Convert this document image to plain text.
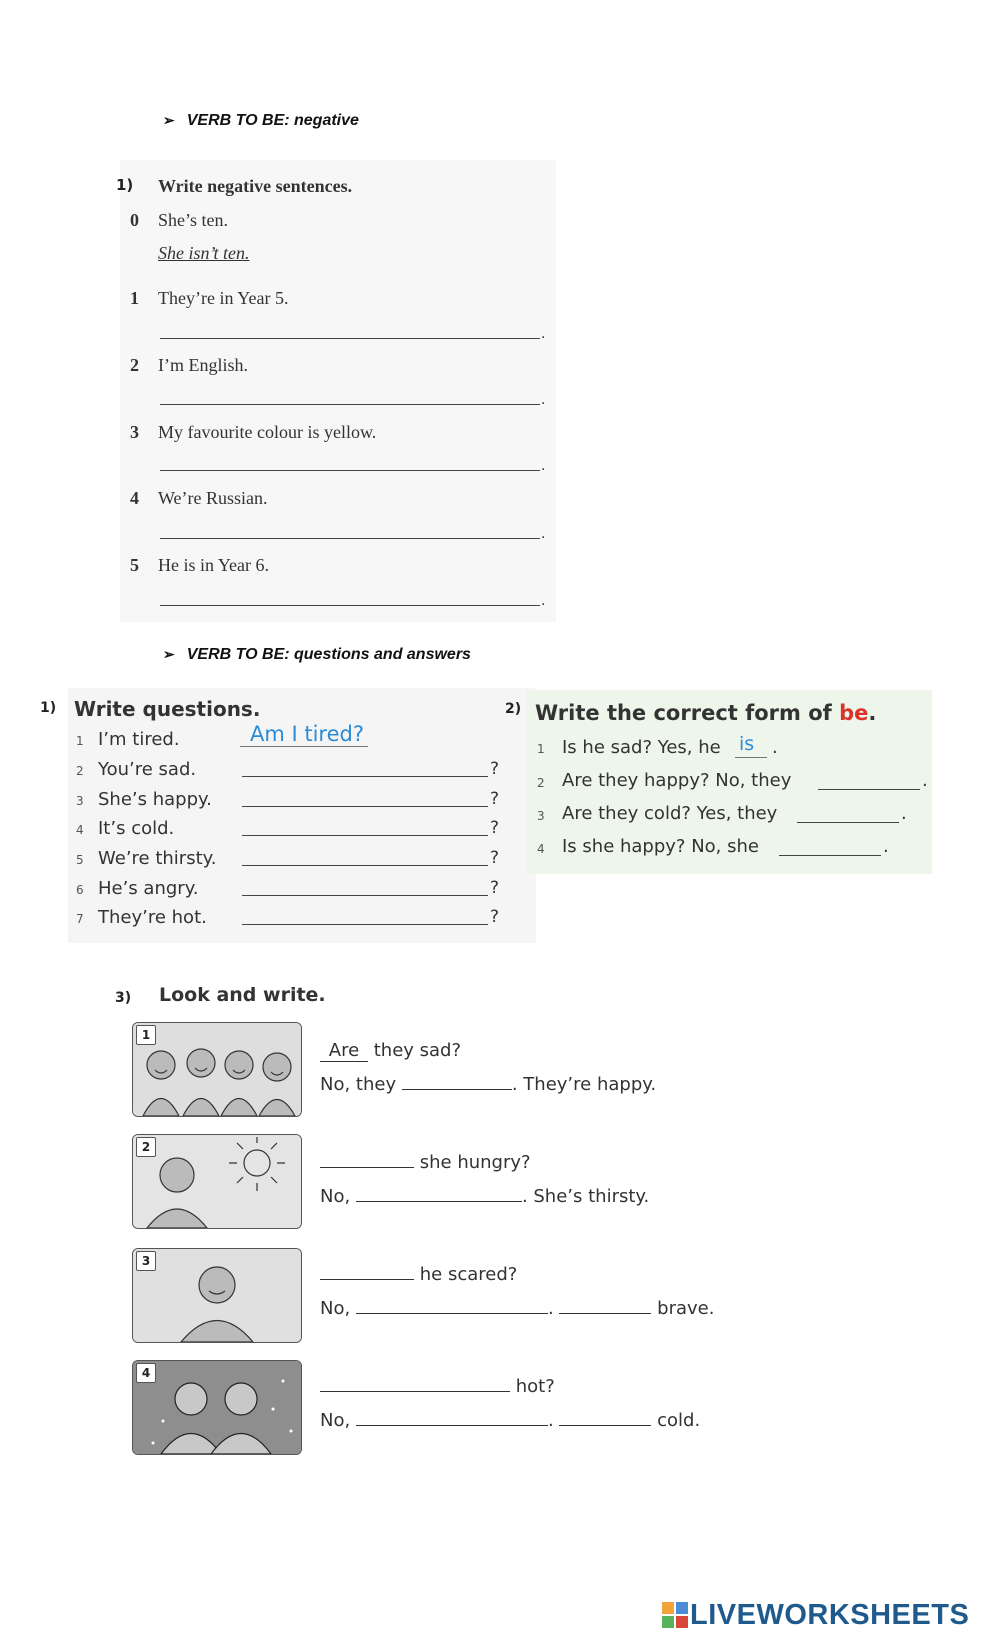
➢ VERB TO BE: negative
1) Write negative sentences.
0 She’s ten.
She isn’t ten.
1 They’re in Year 5.
.
2 I’m English.
.
3 My favourite colour is yellow.
.
4 We’re Russian.
.
5 He is in Year 6.
.
➢ VERB TO BE: questions and answers
1) Write questions.
1 I’m tired.	Am I tired?
2 You’re sad.	?
3 She’s happy.	?
4 It’s cold.	?
5 We’re thirsty.	?
6 He’s angry.	?
7 They’re hot.	?
2) Write the correct form of be.
1 Is he sad? Yes, he is .
2 Are they happy? No, they	.
3 Are they cold? Yes, they	.
4 Is she happy? No, she	.
3) Look and write.
1
Are they sad?
No, they	. They’re happy.
2
she hungry?
No,	. She’s thirsty.
3
he scared?
No,	.	brave.
4
hot?
No,	.	cold.
LIVEWORKSHEETS
